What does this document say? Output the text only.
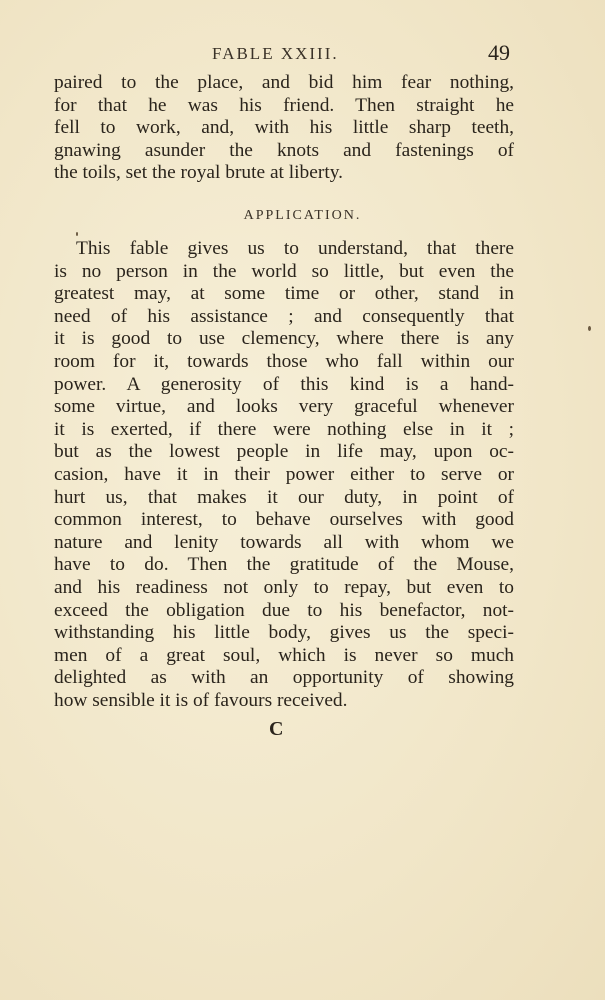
FABLE XXIII.	49
paired to the place, and bid him fear nothing,
for that he was his friend. Then straight he
fell to work, and, with his little sharp teeth,
gnawing asunder the knots and fastenings of
the toils, set the royal brute at liberty.
APPLICATION.
This fable gives us to understand, that there
is no person in the world so little, but even the
greatest may, at some time or other, stand in
need of his assistance ; and consequently that
it is good to use clemency, where there is any
room for it, towards those who fall within our
power. A generosity of this kind is a hand-
some virtue, and looks very graceful whenever
it is exerted, if there were nothing else in it ;
but as the lowest people in life may, upon oc-
casion, have it in their power either to serve or
hurt us, that makes it our duty, in point of
common interest, to behave ourselves with good
nature and lenity towards all with whom we
have to do. Then the gratitude of the Mouse,
and his readiness not only to repay, but even to
exceed the obligation due to his benefactor, not-
withstanding his little body, gives us the speci-
men of a great soul, which is never so much
delighted as with an opportunity of showing
how sensible it is of favours received.
C
